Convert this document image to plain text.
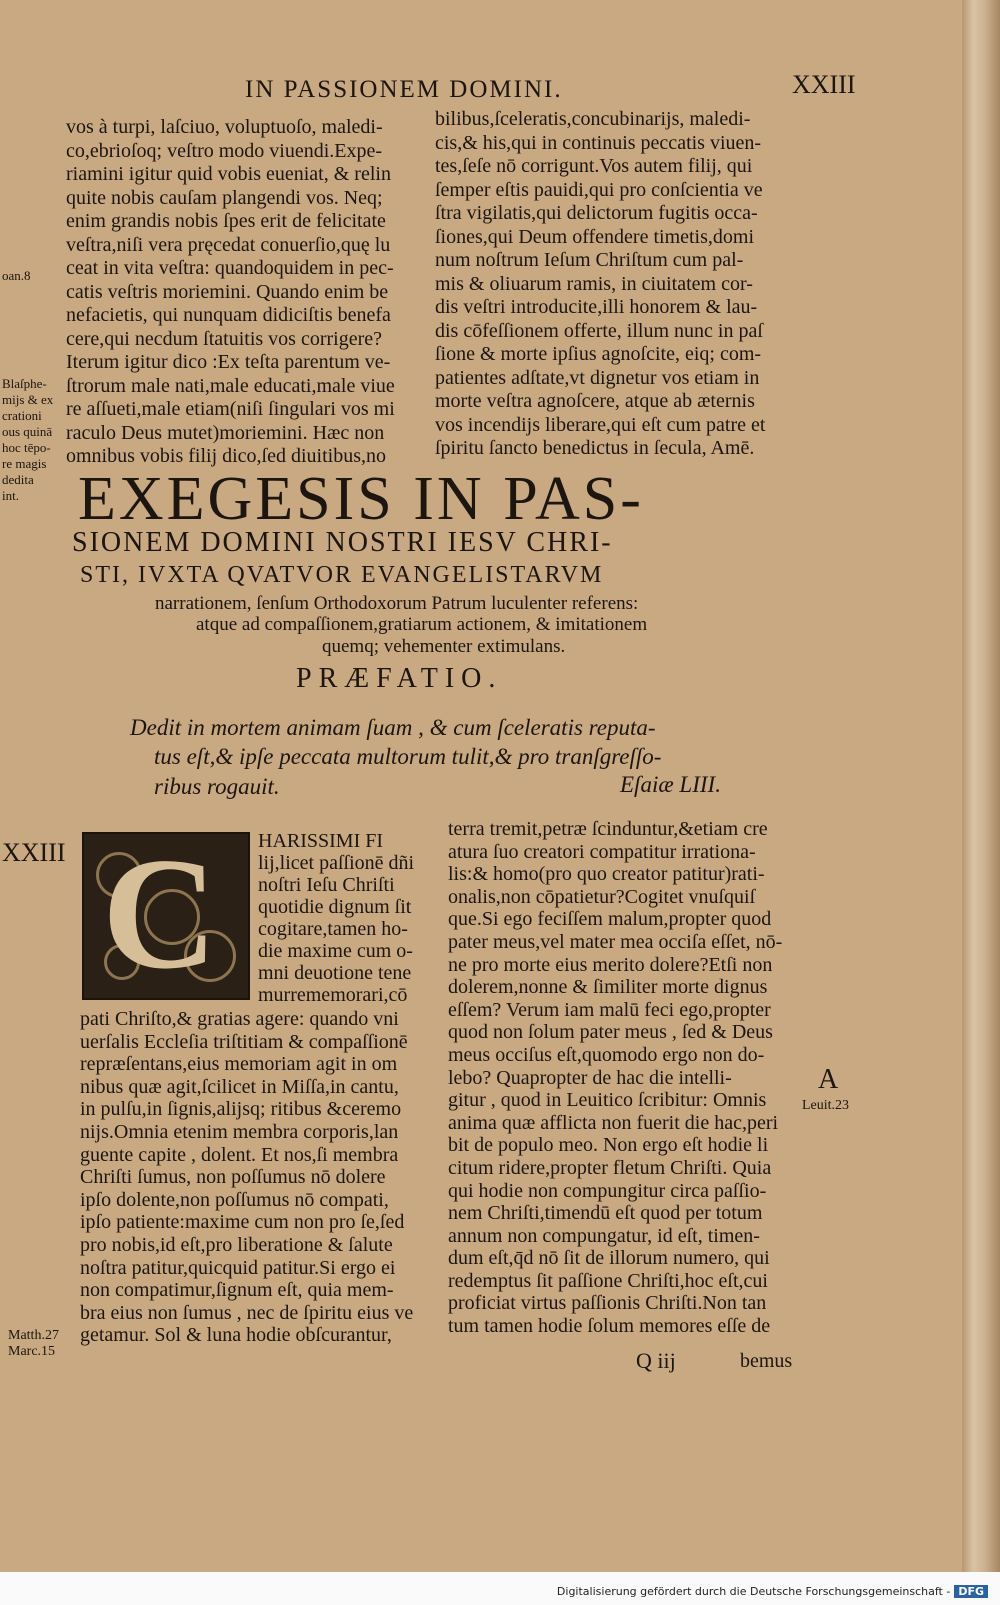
IN PASSIONEM DOMINI.	XXIII
vos à turpi, laſciuo, voluptuoſo, maledi-
co,ebrioſoq; veſtro modo viuendi.Expe-
riamini igitur quid vobis eueniat, & relin
quite nobis cauſam plangendi vos. Neq;
enim grandis nobis ſpes erit de felicitate
veſtra,niſi vera pręcedat conuerſio,quę lu
ceat in vita veſtra: quandoquidem in pec-
catis veſtris moriemini. Quando enim be
nefacietis, qui nunquam didiciſtis benefa
cere,qui necdum ſtatuitis vos corrigere?
Iterum igitur dico :Ex teſta parentum ve-
ſtrorum male nati,male educati,male viue
re aſſueti,male etiam(niſi ſingulari vos mi
raculo Deus mutet)moriemini. Hæc non
omnibus vobis filij dico,ſed diuitibus,no
bilibus,ſceleratis,concubinarijs, maledi-
cis,& his,qui in continuis peccatis viuen-
tes,ſeſe nō corrigunt.Vos autem filij, qui
ſemper eſtis pauidi,qui pro conſcientia ve
ſtra vigilatis,qui delictorum fugitis occa-
ſiones,qui Deum offendere timetis,domi
num noſtrum Ieſum Chriſtum cum pal-
mis & oliuarum ramis, in ciuitatem cor-
dis veſtri introducite,illi honorem & lau-
dis cōfeſſionem offerte, illum nunc in paſ
ſione & morte ipſius agnoſcite, eiq; com-
patientes adſtate,vt dignetur vos etiam in
morte veſtra agnoſcere, atque ab æternis
vos incendijs liberare,qui eſt cum patre et
ſpiritu ſancto benedictus in ſecula, Amē.
oan.8
Blaſphe-
mijs & ex
crationi
ous quinā
hoc tēpo-
re magis
dedita
int. EXEGESIS IN PAS-
SIONEM DOMINI NOSTRI IESV CHRI-
STI, IVXTA QVATVOR EVANGELISTARVM
narrationem, ſenſum Orthodoxorum Patrum luculenter referens:
atque ad compaſſionem,gratiarum actionem, & imitationem
quemq; vehementer extimulans.
PRÆFATIO.
Dedit in mortem animam ſuam , & cum ſceleratis reputa-
tus eſt,& ipſe peccata multorum tulit,& pro tranſgreſſo-
ribus rogauit.	Eſaiæ LIII.
XXIII C HARISSIMI FI
lij,licet paſſionē dñi
noſtri Ieſu Chriſti
quotidie dignum ſit
cogitare,tamen ho-
die maxime cum o-
mni deuotione tene
murrememorari,cō
pati Chriſto,& gratias agere: quando vni
uerſalis Eccleſia triſtitiam & compaſſionē
repræſentans,eius memoriam agit in om
nibus quæ agit,ſcilicet in Miſſa,in cantu,
in pulſu,in ſignis,alijsq; ritibus &ceremo
nijs.Omnia etenim membra corporis,lan
guente capite , dolent. Et nos,ſi membra
Chriſti ſumus, non poſſumus nō dolere
ipſo dolente,non poſſumus nō compati,
ipſo patiente:maxime cum non pro ſe,ſed
pro nobis,id eſt,pro liberatione & ſalute
noſtra patitur,quicquid patitur.Si ergo ei
non compatimur,ſignum eſt, quia mem-
bra eius non ſumus , nec de ſpiritu eius ve
getamur. Sol & luna hodie obſcurantur,
terra tremit,petræ ſcinduntur,&etiam cre
atura ſuo creatori compatitur irrationa-
lis:& homo(pro quo creator patitur)rati-
onalis,non cōpatietur?Cogitet vnuſquiſ
que.Si ego feciſſem malum,propter quod
pater meus,vel mater mea occiſa eſſet, nō-
ne pro morte eius merito dolere?Etſi non
dolerem,nonne & ſimiliter morte dignus
eſſem? Verum iam malū feci ego,propter
quod non ſolum pater meus , ſed & Deus
meus occiſus eſt,quomodo ergo non do-
lebo? Quapropter de hac die intelli-
gitur , quod in Leuitico ſcribitur: Omnis
anima quæ afflicta non fuerit die hac,peri
bit de populo meo. Non ergo eſt hodie li
citum ridere,propter fletum Chriſti. Quia
qui hodie non compungitur circa paſſio-
nem Chriſti,timendū eſt quod per totum
annum non compungatur, id eſt, timen-
dum eſt,q̄d nō ſit de illorum numero, qui
redemptus ſit paſſione Chriſti,hoc eſt,cui
proficiat virtus paſſionis Chriſti.Non tan
tum tamen hodie ſolum memores eſſe de
A
Leuit.23
Matth.27
Marc.15	Q iij	bemus
Digitalisierung gefördert durch die Deutsche Forschungsgemeinschaft - DFG
